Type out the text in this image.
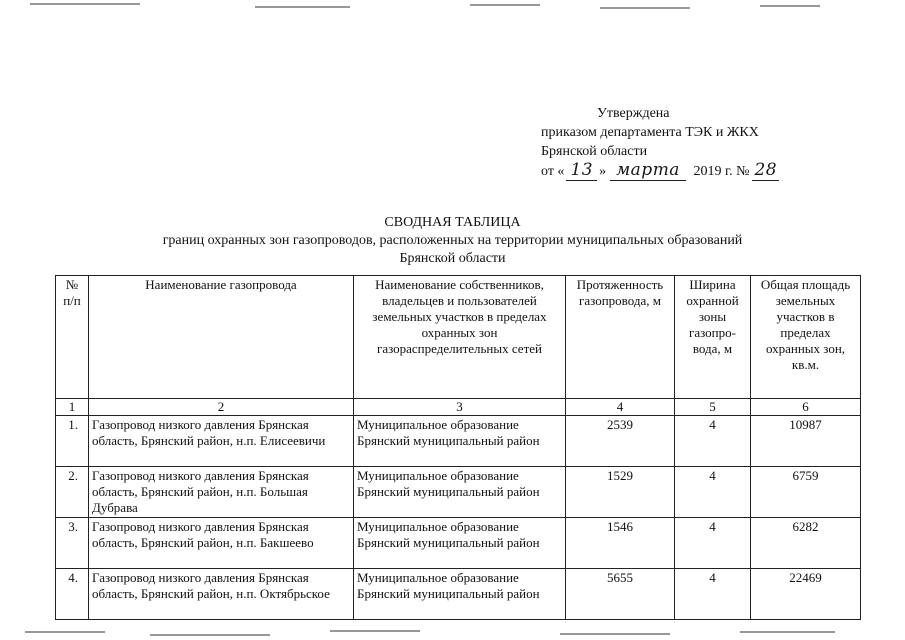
Утверждена
приказом департамента ТЭК и ЖКХ
Брянской области
от « 13 » марта 2019 г. № 28
СВОДНАЯ ТАБЛИЦА
границ охранных зон газопроводов, расположенных на территории муниципальных образований
Брянской области
№ п/п	Наименование газопровода	Наименование собственников, владельцев и пользователей земельных участков в пределах охранных зон газораспределительных сетей	Протяженность газопровода, м	Ширина охранной зоны газопро-вода, м	Общая площадь земельных участков в пределах охранных зон, кв.м.
1	2	3	4	5	6
1.	Газопровод низкого давления Брянская область, Брянский район, н.п. Елисеевичи	Муниципальное образование Брянский муниципальный район	2539	4	10987
2.	Газопровод низкого давления Брянская область, Брянский район, н.п. Большая Дубрава	Муниципальное образование Брянский муниципальный район	1529	4	6759
3.	Газопровод низкого давления Брянская область, Брянский район, н.п. Бакшеево	Муниципальное образование Брянский муниципальный район	1546	4	6282
4.	Газопровод низкого давления Брянская область, Брянский район, н.п. Октябрьское	Муниципальное образование Брянский муниципальный район	5655	4	22469
